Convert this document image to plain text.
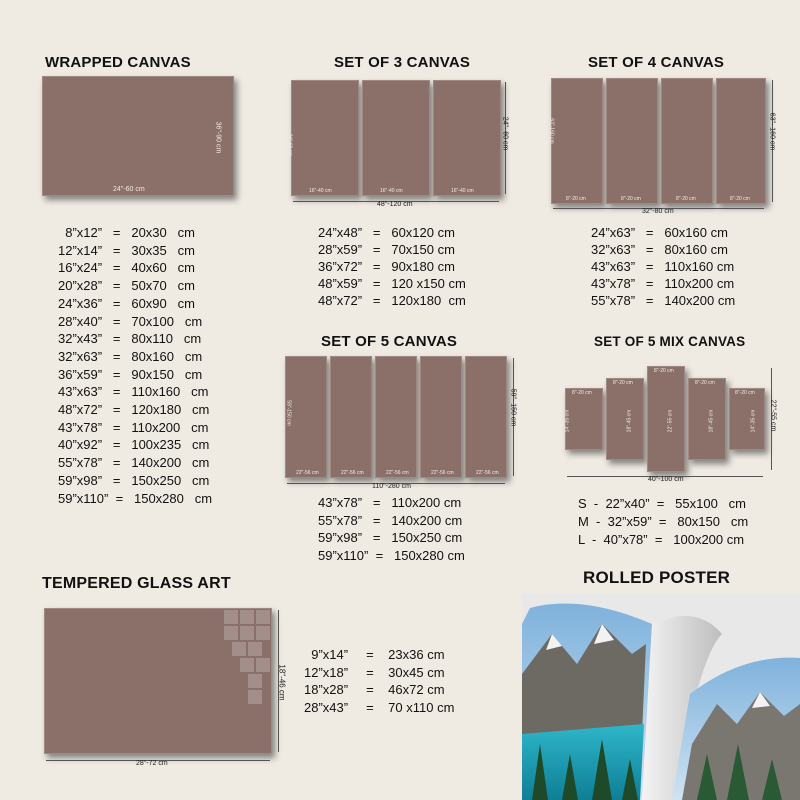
WRAPPED CANVAS
24"-60 cm
36"-90 cm
8”x12”   =   20x30   cm
12”x14”   =   30x35   cm
16”x24”   =   40x60   cm
20”x28”   =   50x70   cm
24”x36”   =   60x90   cm
28”x40”   =   70x100   cm
32”x43”   =   80x110   cm
32”x63”   =   80x160   cm
36”x59”   =   90x150   cm
43”x63”   =   110x160   cm
48”x72”   =   120x180   cm
43”x78”   =   110x200   cm
40”x92”   =   100x235   cm
55”x78”   =   140x200   cm
59”x98”   =   150x250   cm
59”x110”  =   150x280   cm
SET OF 3 CANVAS
16"-40 cm	16"-40 cm	16"-40 cm
24"-60 cm
48"-120 cm
24"- 60 cm
24”x48”   =   60x120 cm
28”x59”   =   70x150 cm
36”x72”   =   90x180 cm
48”x59”   =   120 x150 cm
48”x72”   =   120x180  cm
SET OF 4 CANVAS
8"-20 cm	8"-20 cm	8"-20 cm	8"-20 cm
63"-160 cm
32"-80 cm
63"- 160 cm
24”x63”   =   60x160 cm
32”x63”   =   80x160 cm
43”x63”   =   110x160 cm
43”x78”   =   110x200 cm
55”x78”   =   140x200 cm
SET OF 5 CANVAS
22"-56 cm	22"-56 cm	22"-56 cm	22"-56 cm	22"-56 cm
59"-150 cm
110"-280 cm
59"- 150 cm
43”x78”   =   110x200 cm
55”x78”   =   140x200 cm
59”x98”   =   150x250 cm
59”x110”  =   150x280 cm
SET OF 5 MIX CANVAS
8"-20 cm
8"-20 cm
8"-20 cm
8"-20 cm
8"-20 cm
14"-35 cm	18"-45 cm	22"-55 cm	18"-45 cm	14"-35 cm
40"-100 cm
22"-55 cm
S  -  22”x40”  =   55x100   cm
M  -  32”x59”  =   80x150   cm
L  -  40”x78”  =   100x200 cm
TEMPERED GLASS ART
28"-72 cm
18"-46 cm
9”x14”     =    23x36 cm
12”x18”     =    30x45 cm
18”x28”     =    46x72 cm
28”x43”     =    70 x110 cm
ROLLED POSTER
